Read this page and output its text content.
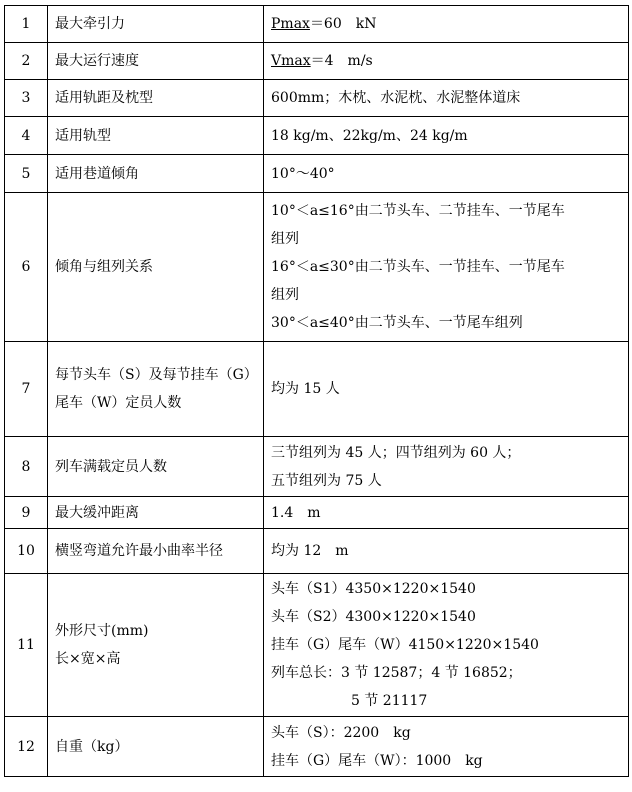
1	最大牵引力	Pmax＝60　kN

2	最大运行速度	Vmax＝4　m/s

3	适用轨距及枕型	600mm；木枕、水泥枕、水泥整体道床

4	适用轨型	18 kg/m、22kg/m、24 kg/m

5	适用巷道倾角	10°～40°

6	倾角与组列关系	10°＜a≤16°由二节头车、二节挂车、一节尾车
组列
16°＜a≤30°由二节头车、一节挂车、一节尾车
组列
30°＜a≤40°由二节头车、一节尾车组列

7	每节头车（S）及每节挂车（G）
尾车（W）定员人数	均为 15 人

8	列车满载定员人数	三节组列为 45 人；四节组列为 60 人；
五节组列为 75 人

9	最大缓冲距离	1.4　m

10	横竖弯道允许最小曲率半径	均为 12　m

11	外形尺寸(mm)
长×宽×高	头车（S1）4350×1220×1540
头车（S2）4300×1220×1540
挂车（G）尾车（W）4150×1220×1540
列车总长：3 节 12587；4 节 16852；
5 节 21117

12	自重（kg）	头车（S）：2200　kg
挂车（G）尾车（W）：1000　kg
